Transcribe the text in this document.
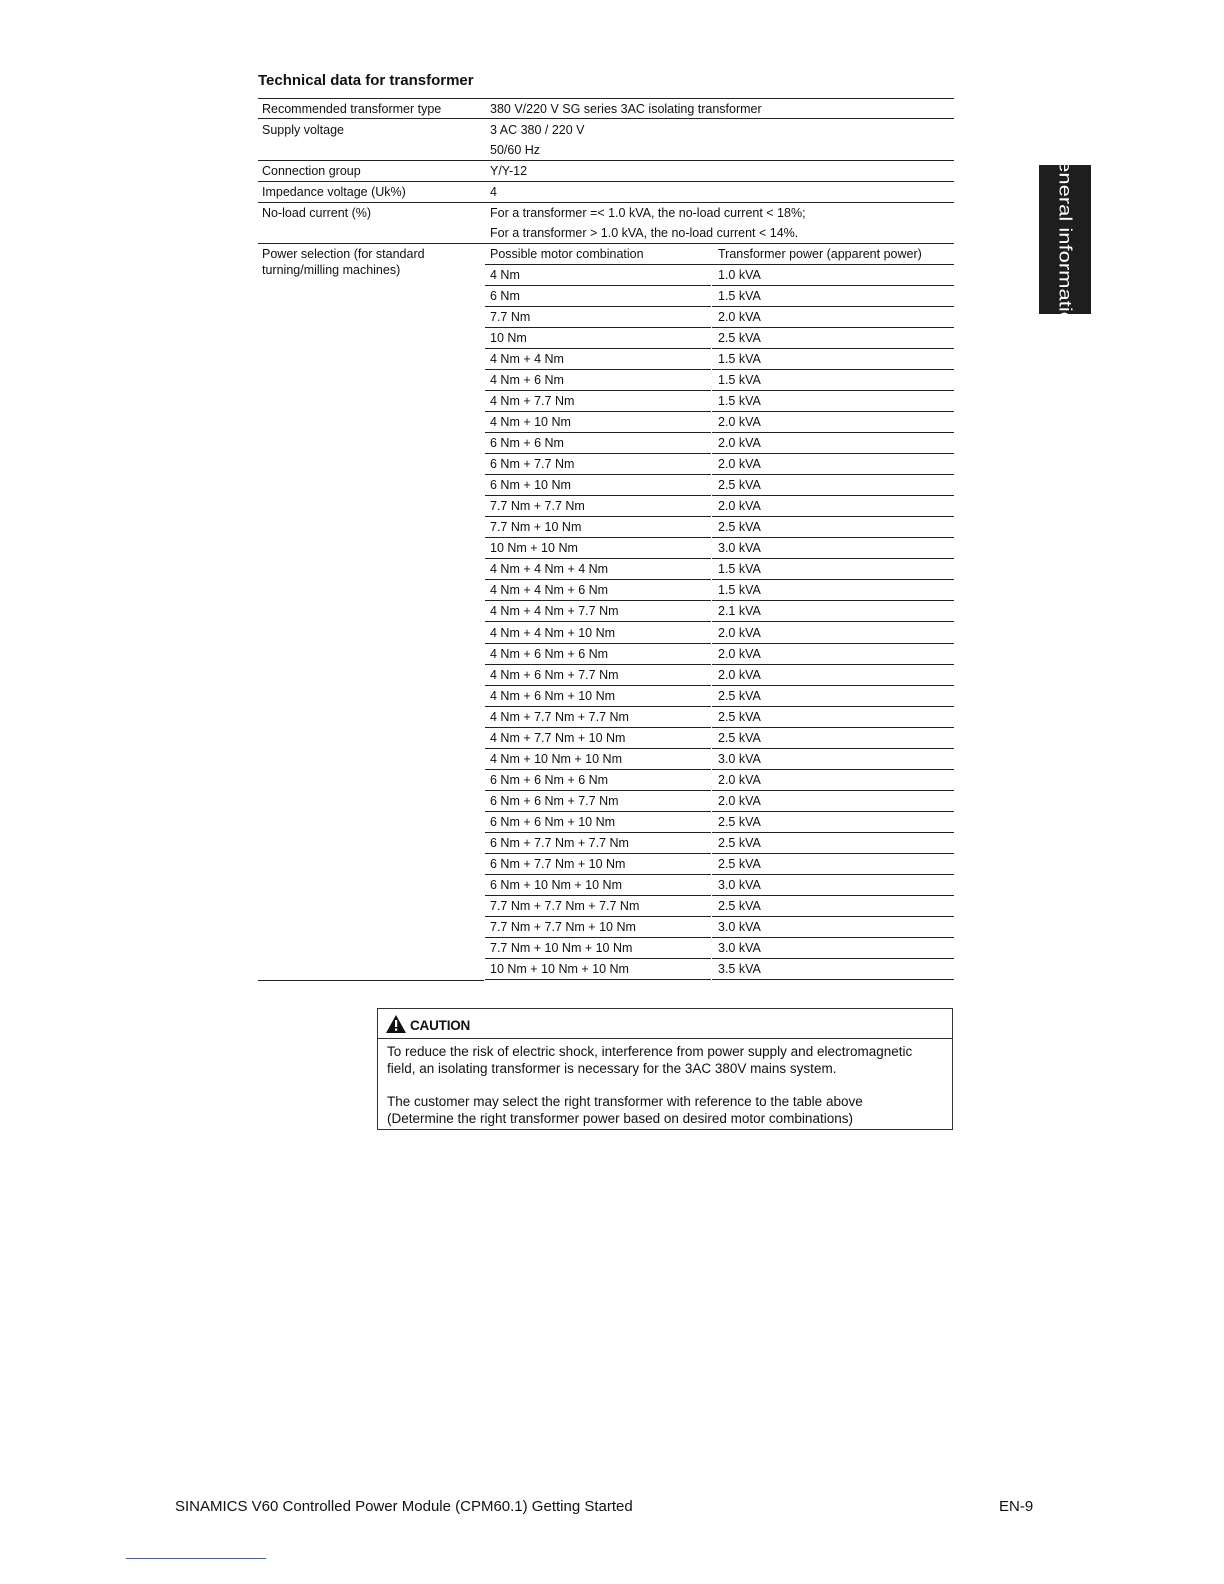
Technical data for transformer
General information
Recommended transformer type	380 V/220 V SG series 3AC isolating transformer
Supply voltage	3 AC 380 / 220 V
50/60 Hz
Connection group	Y/Y-12
Impedance voltage (Uk%)	4
No-load current (%)	For a transformer =< 1.0 kVA, the no-load current < 18%;
For a transformer > 1.0 kVA, the no-load current < 14%.
Power selection (for standard
turning/milling machines)
Possible motor combination	Transformer power (apparent power)
4 Nm	1.0 kVA
6 Nm	1.5 kVA
7.7 Nm	2.0 kVA
10 Nm	2.5 kVA
4 Nm + 4 Nm	1.5 kVA
4 Nm + 6 Nm	1.5 kVA
4 Nm + 7.7 Nm	1.5 kVA
4 Nm + 10 Nm	2.0 kVA
6 Nm + 6 Nm	2.0 kVA
6 Nm + 7.7 Nm	2.0 kVA
6 Nm + 10 Nm	2.5 kVA
7.7 Nm + 7.7 Nm	2.0 kVA
7.7 Nm + 10 Nm	2.5 kVA
10 Nm + 10 Nm	3.0 kVA
4 Nm + 4 Nm + 4 Nm	1.5 kVA
4 Nm + 4 Nm + 6 Nm	1.5 kVA
4 Nm + 4 Nm + 7.7 Nm	2.1 kVA
4 Nm + 4 Nm + 10 Nm	2.0 kVA
4 Nm + 6 Nm + 6 Nm	2.0 kVA
4 Nm + 6 Nm + 7.7 Nm	2.0 kVA
4 Nm + 6 Nm + 10 Nm	2.5 kVA
4 Nm + 7.7 Nm + 7.7 Nm	2.5 kVA
4 Nm + 7.7 Nm + 10 Nm	2.5 kVA
4 Nm + 10 Nm + 10 Nm	3.0 kVA
6 Nm + 6 Nm + 6 Nm	2.0 kVA
6 Nm + 6 Nm + 7.7 Nm	2.0 kVA
6 Nm + 6 Nm + 10 Nm	2.5 kVA
6 Nm + 7.7 Nm + 7.7 Nm	2.5 kVA
6 Nm + 7.7 Nm + 10 Nm	2.5 kVA
6 Nm + 10 Nm + 10 Nm	3.0 kVA
7.7 Nm + 7.7 Nm + 7.7 Nm	2.5 kVA
7.7 Nm + 7.7 Nm + 10 Nm	3.0 kVA
7.7 Nm + 10 Nm + 10 Nm	3.0 kVA
10 Nm + 10 Nm + 10 Nm	3.5 kVA
CAUTION
To reduce the risk of electric shock, interference from power supply and electromagnetic
field, an isolating transformer is necessary for the 3AC 380V mains system.
The customer may select the right transformer with reference to the table above
(Determine the right transformer power based on desired motor combinations)
SINAMICS V60 Controlled Power Module (CPM60.1) Getting Started	EN-9
